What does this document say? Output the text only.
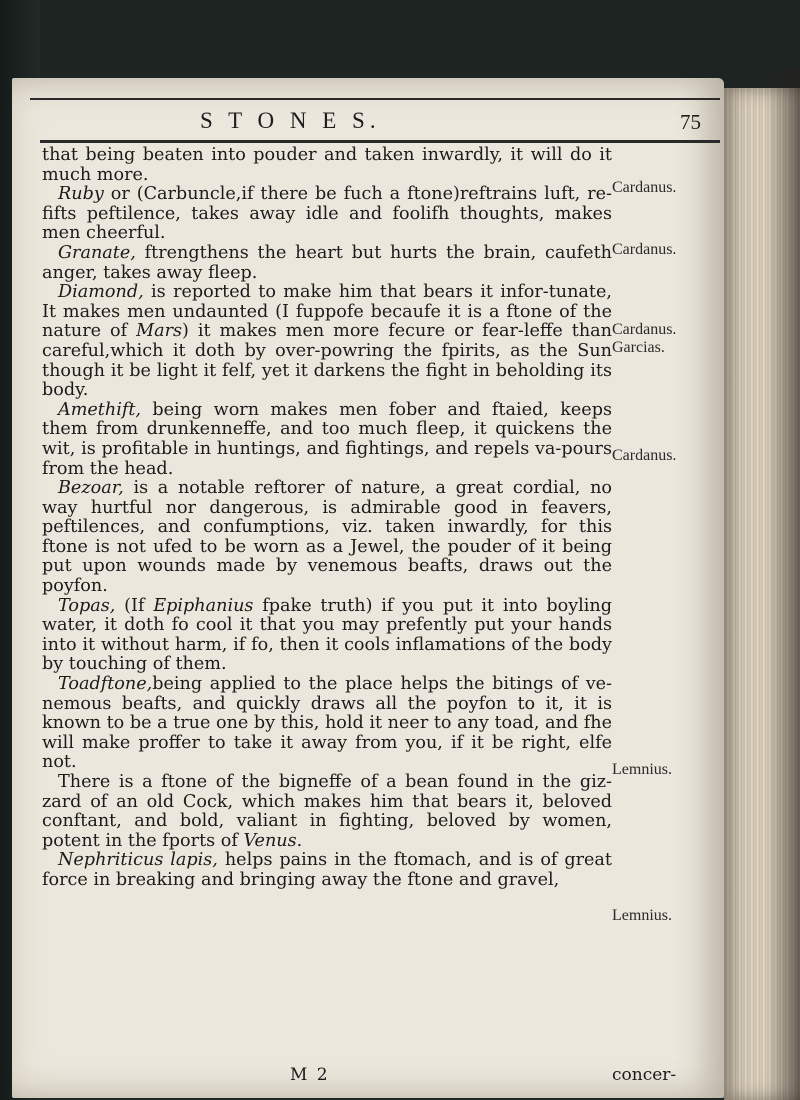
S T O N E S.	75

that being beaten into pouder and taken inwardly, it will do it much more.

Ruby or (Carbuncle,if there be fuch a ftone)reftrains luft, re-fifts peftilence, takes away idle and foolifh thoughts, makes men cheerful.

Granate, ftrengthens the heart but hurts the brain, caufeth anger, takes away fleep.

Diamond, is reported to make him that bears it infor-tunate, It makes men undaunted (I fuppofe becaufe it is a ftone of the nature of Mars) it makes men more fecure or fear-leffe than careful,which it doth by over-powring the fpirits, as the Sun though it be light it felf, yet it darkens the fight in beholding its body.

Amethift, being worn makes men fober and ftaied, keeps them from drunkenneffe, and too much fleep, it quickens the wit, is profitable in huntings, and fightings, and repels va-pours from the head.

Bezoar, is a notable reftorer of nature, a great cordial, no way hurtful nor dangerous, is admirable good in feavers, peftilences, and confumptions, viz. taken inwardly, for this ftone is not ufed to be worn as a Jewel, the pouder of it being put upon wounds made by venemous beafts, draws out the poyfon.

Topas, (If Epiphanius fpake truth) if you put it into boyling water, it doth fo cool it that you may prefently put your hands into it without harm, if fo, then it cools inflamations of the body by touching of them.

Toadftone,being applied to the place helps the bitings of ve-nemous beafts, and quickly draws all the poyfon to it, it is known to be a true one by this, hold it neer to any toad, and fhe will make proffer to take it away from you, if it be right, elfe not.

There is a ftone of the bigneffe of a bean found in the giz-zard of an old Cock, which makes him that bears it, beloved conftant, and bold, valiant in fighting, beloved by women, potent in the fports of Venus.

Nephriticus lapis, helps pains in the ftomach, and is of great force in breaking and bringing away the ftone and gravel,

Cardanus.
Cardanus.
Cardanus.
Garcias.
Cardanus.
Lemnius.
Lemnius.
M 2	concer-
